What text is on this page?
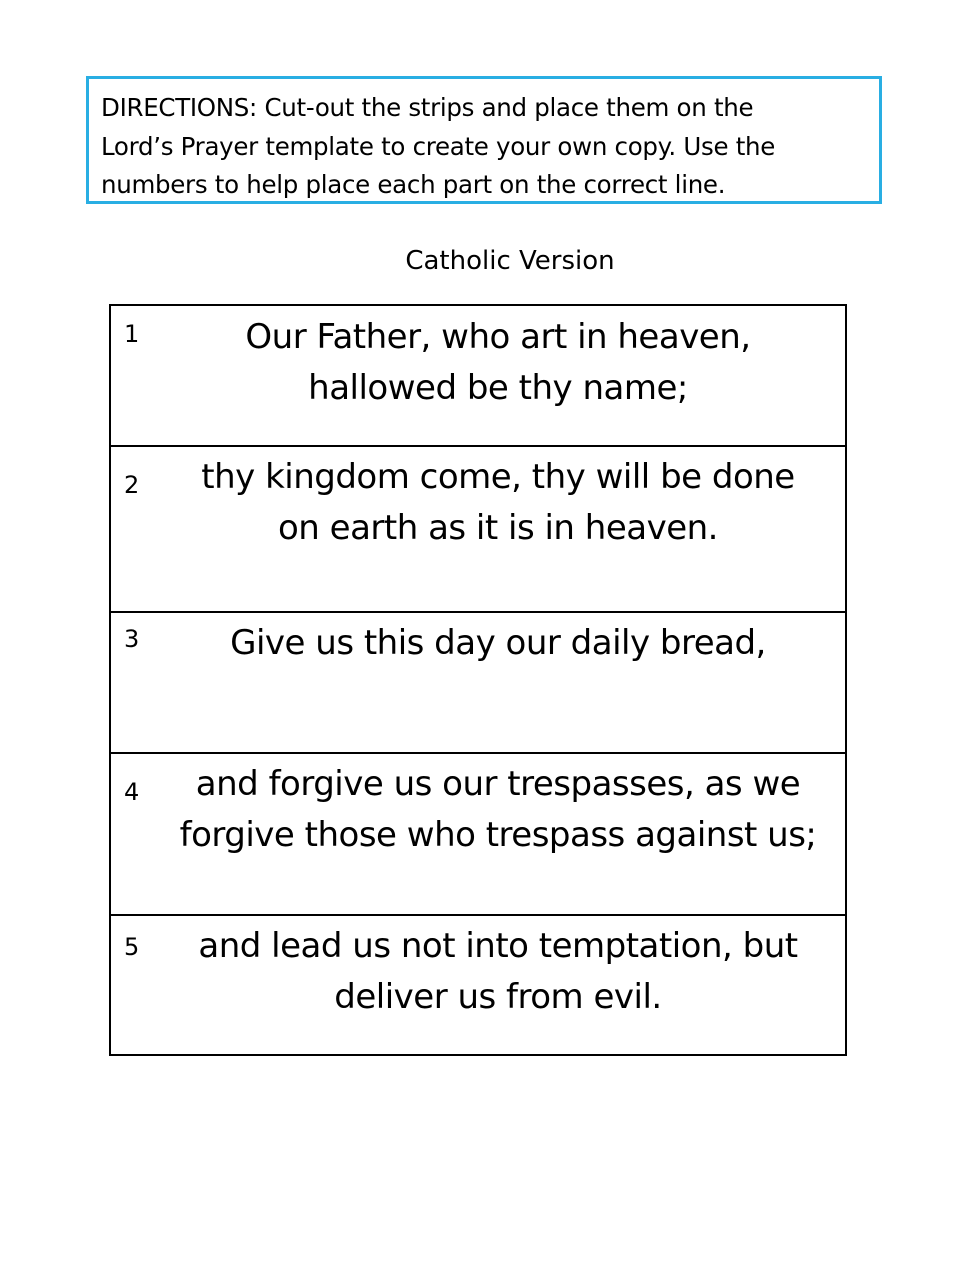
DIRECTIONS: Cut-out the strips and place them on the
Lord’s Prayer template to create your own copy. Use the
numbers to help place each part on the correct line.

Catholic Version

1	Our Father, who art in heaven,
hallowed be thy name;

2	thy kingdom come, thy will be done
on earth as it is in heaven.

3	Give us this day our daily bread,

4	and forgive us our trespasses, as we
forgive those who trespass against us;

5	and lead us not into temptation, but
deliver us from evil.
